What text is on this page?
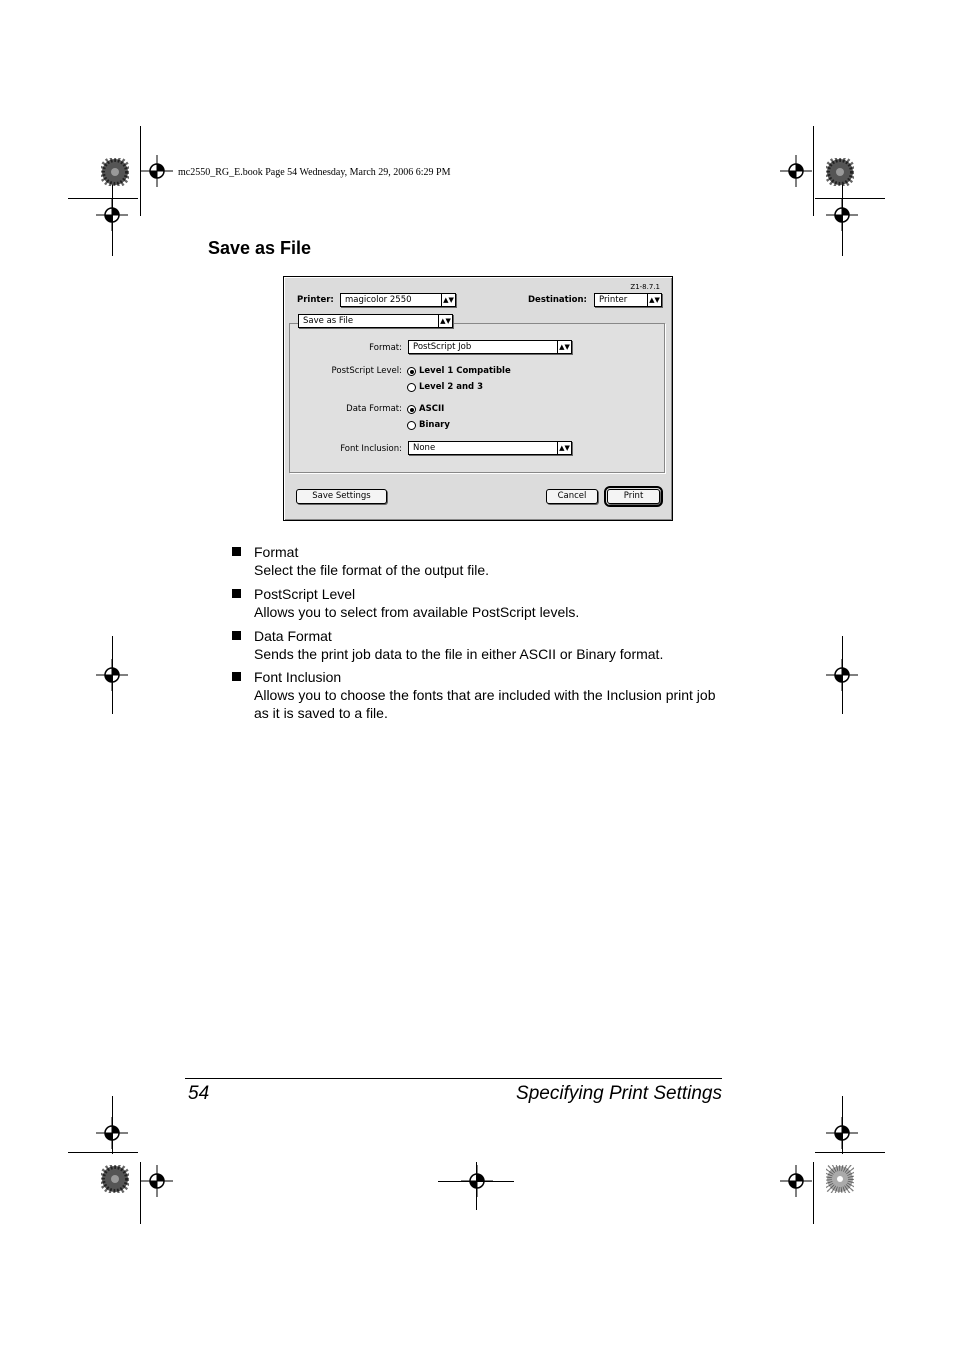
mc2550_RG_E.book Page 54 Wednesday, March 29, 2006 6:29 PM
Save as File
Z1-8.7.1
Printer:	magicolor 2550	▲▼	Destination:	Printer	▲▼
Save as File	▲▼
Format:	PostScript Job	▲▼
PostScript Level: Level 1 Compatible
Level 2 and 3
Data Format: ASCII
Binary
Font Inclusion:	None	▲▼
Save Settings	Cancel	Print
Format
Select the file format of the output file.
PostScript Level
Allows you to select from available PostScript levels.
Data Format
Sends the print job data to the file in either ASCII or Binary format.
Font Inclusion
Allows you to choose the fonts that are included with the Inclusion print job as it is saved to a file.
54	Specifying Print Settings
